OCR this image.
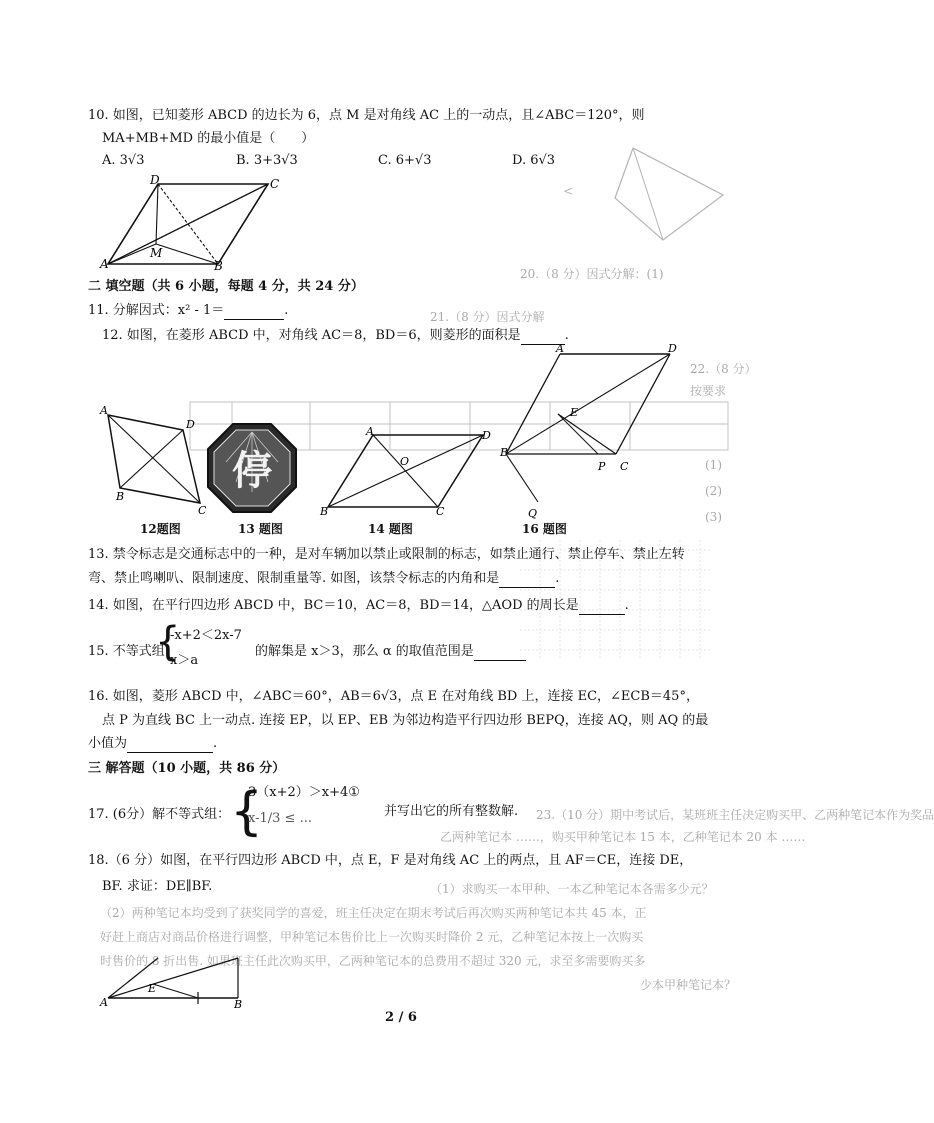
10. 如图，已知菱形 ABCD 的边长为 6，点 M 是对角线 AC 上的一动点，且∠ABC＝120°，则
MA+MB+MD 的最小值是（　　）
A. 3√3	B. 3+3√3	C. 6+√3	D. 6√3
D	C
M
A	B
<
20.（8 分）因式分解：(1)
二 填空题（共 6 小题，每题 4 分，共 24 分）
11. 分解因式：x² - 1＝	.	21.（8 分）因式分解
12. 如图，在菱形 ABCD 中，对角线 AC＝8，BD＝6，则菱形的面积是	.
22.（8 分）
按要求
A
D
B
C
停
A	D
O
B	C
A	D
E
B
P C
Q
(1)
(2)
(3)
12题图	13 题图	14 题图	16 题图
13. 禁令标志是交通标志中的一种，是对车辆加以禁止或限制的标志，如禁止通行、禁止停车、禁止左转
弯、禁止鸣喇叭、限制速度、限制重量等. 如图，该禁令标志的内角和是	.
14. 如图，在平行四边形 ABCD 中，BC＝10，AC＝8，BD＝14，△AOD 的周长是	.
15. 不等式组
{
-x+2＜2x-7
x＞a
的解集是 x＞3，那么 α 的取值范围是
16. 如图，菱形 ABCD 中，∠ABC＝60°，AB＝6√3，点 E 在对角线 BD 上，连接 EC，∠ECB＝45°，
点 P 为直线 BC 上一动点. 连接 EP，以 EP、EB 为邻边构造平行四边形 BEPQ，连接 AQ，则 AQ 的最
小值为	.
三 解答题（10 小题，共 86 分）
17. (6分）解不等式组： {
3（x+2）＞x+4①
x-1/3 ≤ ...	并写出它的所有整数解. 23.（10 分）期中考试后，某班班主任决定购买甲、乙两种笔记本作为奖品
乙两种笔记本 ……，购买甲种笔记本 15 本，乙种笔记本 20 本 ……
18.（6 分）如图，在平行四边形 ABCD 中，点 E，F 是对角线 AC 上的两点，且 AF＝CE，连接 DE，
BF. 求证：DE∥BF.	（1）求购买一本甲种、一本乙种笔记本各需多少元？
（2）两种笔记本均受到了获奖同学的喜爱，班主任决定在期末考试后再次购买两种笔记本共 45 本，正
好赶上商店对商品价格进行调整，甲种笔记本售价比上一次购买时降价 2 元，乙种笔记本按上一次购买
时售价的 8 折出售. 如果班主任此次购买甲，乙两种笔记本的总费用不超过 320 元，求至多需要购买多
少本甲种笔记本？
A
E
B
2 / 6
